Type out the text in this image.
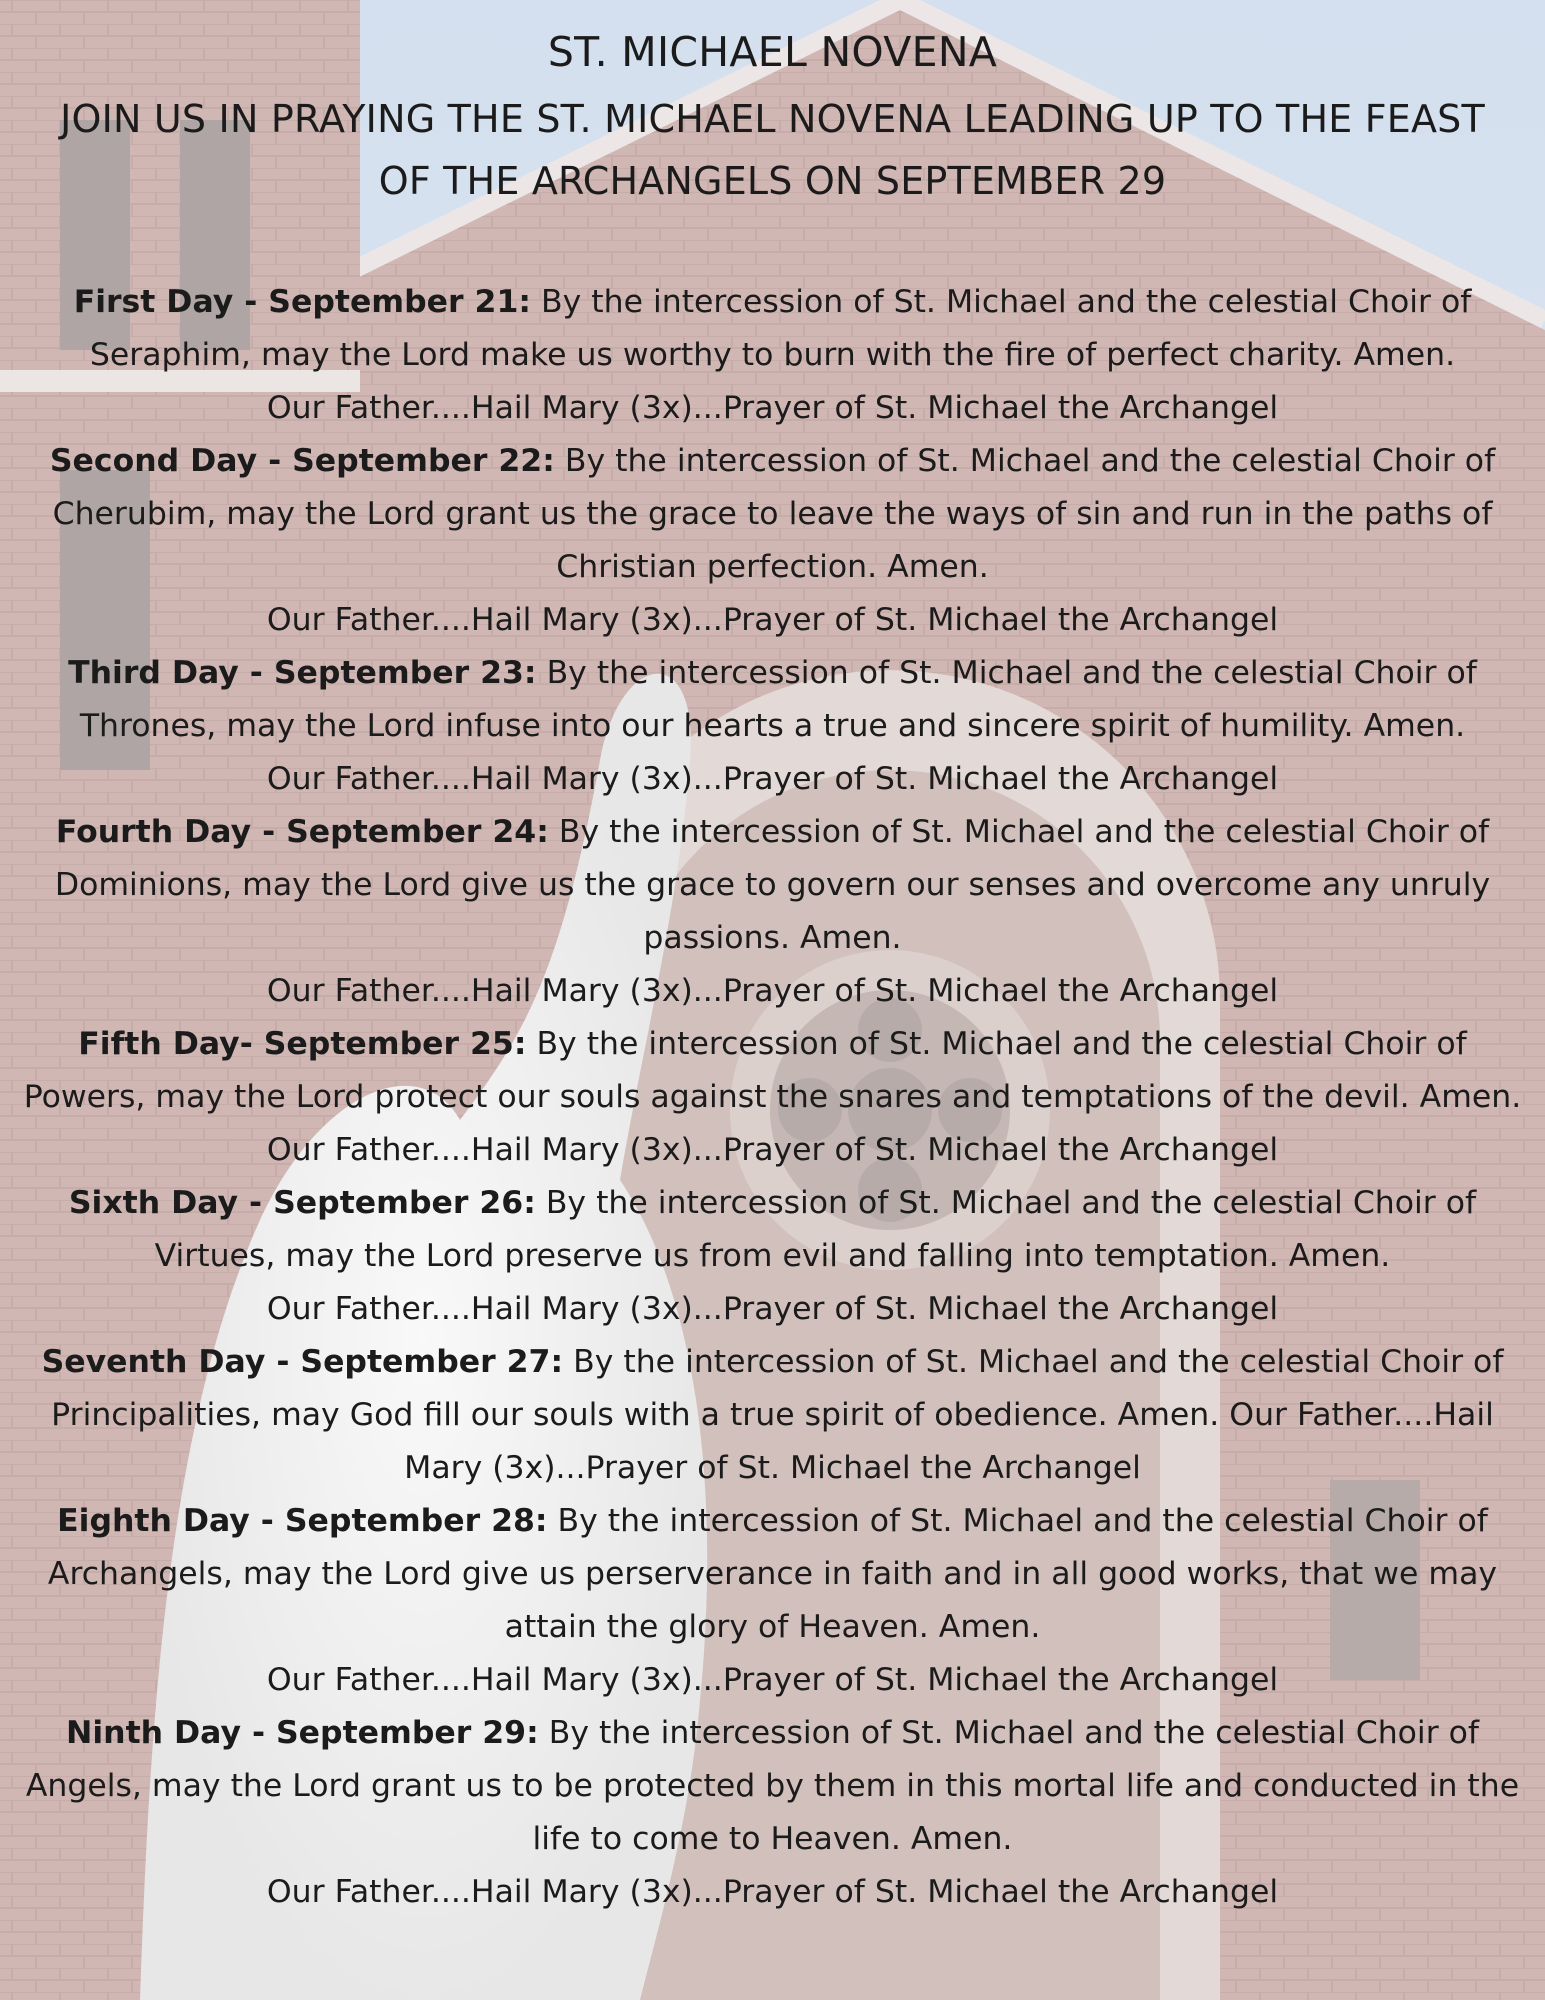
ST. MICHAEL NOVENA
JOIN US IN PRAYING THE ST. MICHAEL NOVENA LEADING UP TO THE FEAST OF THE ARCHANGELS ON SEPTEMBER 29

First Day - September 21: By the intercession of St. Michael and the celestial Choir of Seraphim, may the Lord make us worthy to burn with the fire of perfect charity. Amen.

Our Father....Hail Mary (3x)...Prayer of St. Michael the Archangel

Second Day - September 22: By the intercession of St. Michael and the celestial Choir of Cherubim, may the Lord grant us the grace to leave the ways of sin and run in the paths of Christian perfection. Amen.

Our Father....Hail Mary (3x)...Prayer of St. Michael the Archangel

Third Day - September 23: By the intercession of St. Michael and the celestial Choir of Thrones, may the Lord infuse into our hearts a true and sincere spirit of humility. Amen.

Our Father....Hail Mary (3x)...Prayer of St. Michael the Archangel

Fourth Day - September 24: By the intercession of St. Michael and the celestial Choir of Dominions, may the Lord give us the grace to govern our senses and overcome any unruly passions. Amen.

Our Father....Hail Mary (3x)...Prayer of St. Michael the Archangel

Fifth Day- September 25: By the intercession of St. Michael and the celestial Choir of Powers, may the Lord protect our souls against the snares and temptations of the devil. Amen.

Our Father....Hail Mary (3x)...Prayer of St. Michael the Archangel

Sixth Day - September 26: By the intercession of St. Michael and the celestial Choir of Virtues, may the Lord preserve us from evil and falling into temptation. Amen.

Our Father....Hail Mary (3x)...Prayer of St. Michael the Archangel

Seventh Day - September 27: By the intercession of St. Michael and the celestial Choir of Principalities, may God fill our souls with a true spirit of obedience. Amen. Our Father....Hail Mary (3x)...Prayer of St. Michael the Archangel

Eighth Day - September 28: By the intercession of St. Michael and the celestial Choir of Archangels, may the Lord give us perserverance in faith and in all good works, that we may attain the glory of Heaven. Amen.

Our Father....Hail Mary (3x)...Prayer of St. Michael the Archangel

Ninth Day - September 29: By the intercession of St. Michael and the celestial Choir of Angels, may the Lord grant us to be protected by them in this mortal life and conducted in the life to come to Heaven. Amen.

Our Father....Hail Mary (3x)...Prayer of St. Michael the Archangel
